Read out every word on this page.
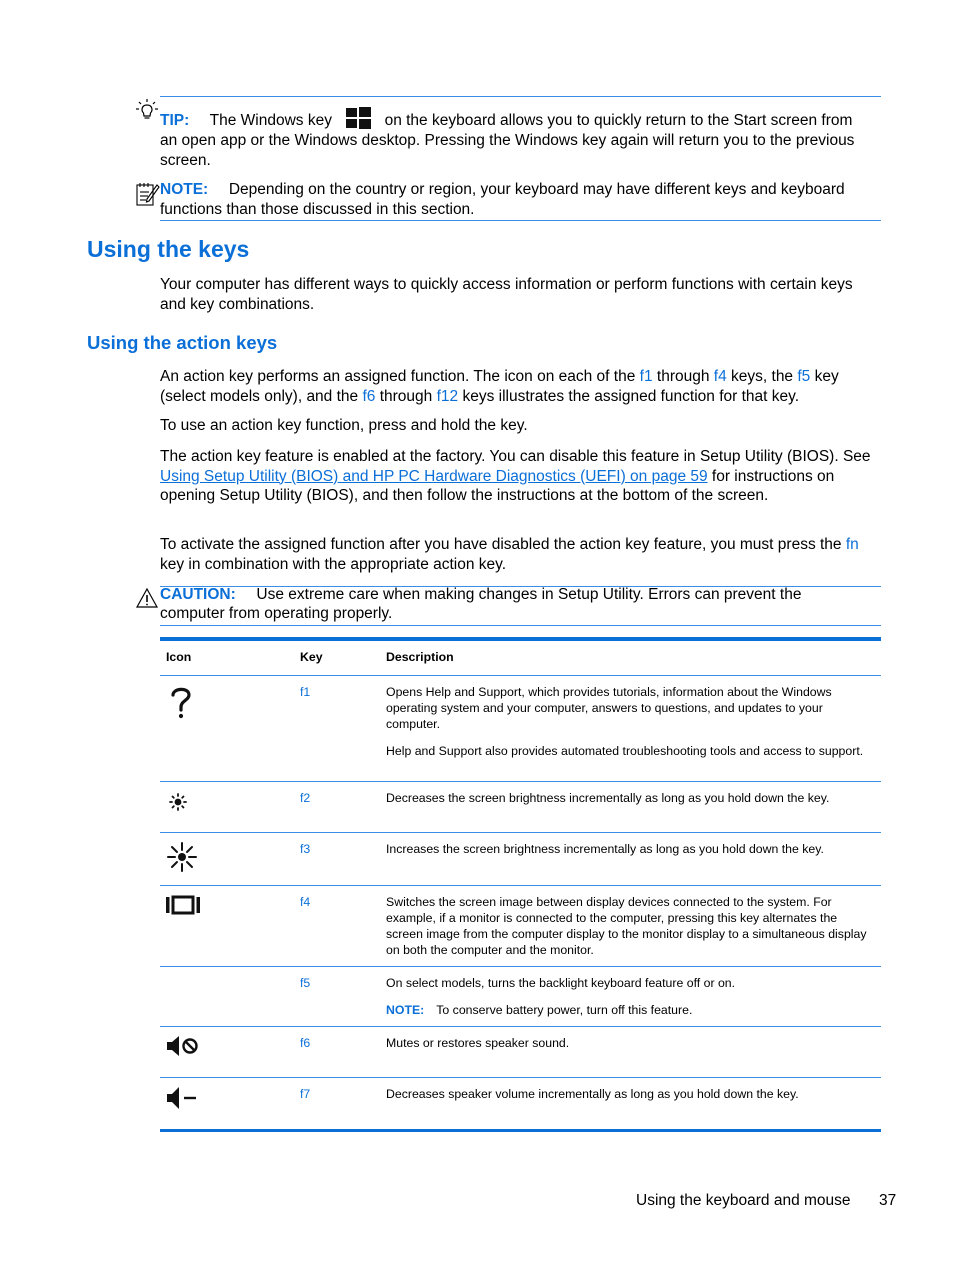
TIP: The Windows key	on the keyboard allows you to quickly return to the Start screen from
an open app or the Windows desktop. Pressing the Windows key again will return you to the previous screen.
NOTE: Depending on the country or region, your keyboard may have different keys and keyboard
functions than those discussed in this section.
Using the keys
Your computer has different ways to quickly access information or perform functions with certain keys and key combinations.
Using the action keys
An action key performs an assigned function. The icon on each of the f1 through f4 keys, the f5 key (select models only), and the f6 through f12 keys illustrates the assigned function for that key.
To use an action key function, press and hold the key.
The action key feature is enabled at the factory. You can disable this feature in Setup Utility (BIOS). See Using Setup Utility (BIOS) and HP PC Hardware Diagnostics (UEFI) on page 59 for instructions on opening Setup Utility (BIOS), and then follow the instructions at the bottom of the screen.
To activate the assigned function after you have disabled the action key feature, you must press the fn key in combination with the appropriate action key.
CAUTION: Use extreme care when making changes in Setup Utility. Errors can prevent the
computer from operating properly.
Icon	Key	Description
	f1	Opens Help and Support, which provides tutorials, information about the Windows operating system and your computer, answers to questions, and updates to your computer.

Help and Support also provides automated troubleshooting tools and access to support.

	f2	Decreases the screen brightness incrementally as long as you hold down the key.

	f3	Increases the screen brightness incrementally as long as you hold down the key.

	f4	Switches the screen image between display devices connected to the system. For example, if a monitor is connected to the computer, pressing this key alternates the screen image from the computer display to the monitor display to a simultaneous display on both the computer and the monitor.

	f5	On select models, turns the backlight keyboard feature off or on.

NOTE: To conserve battery power, turn off this feature.

	f6	Mutes or restores speaker sound.

	f7	Decreases speaker volume incrementally as long as you hold down the key.

Using the keyboard and mouse 37
